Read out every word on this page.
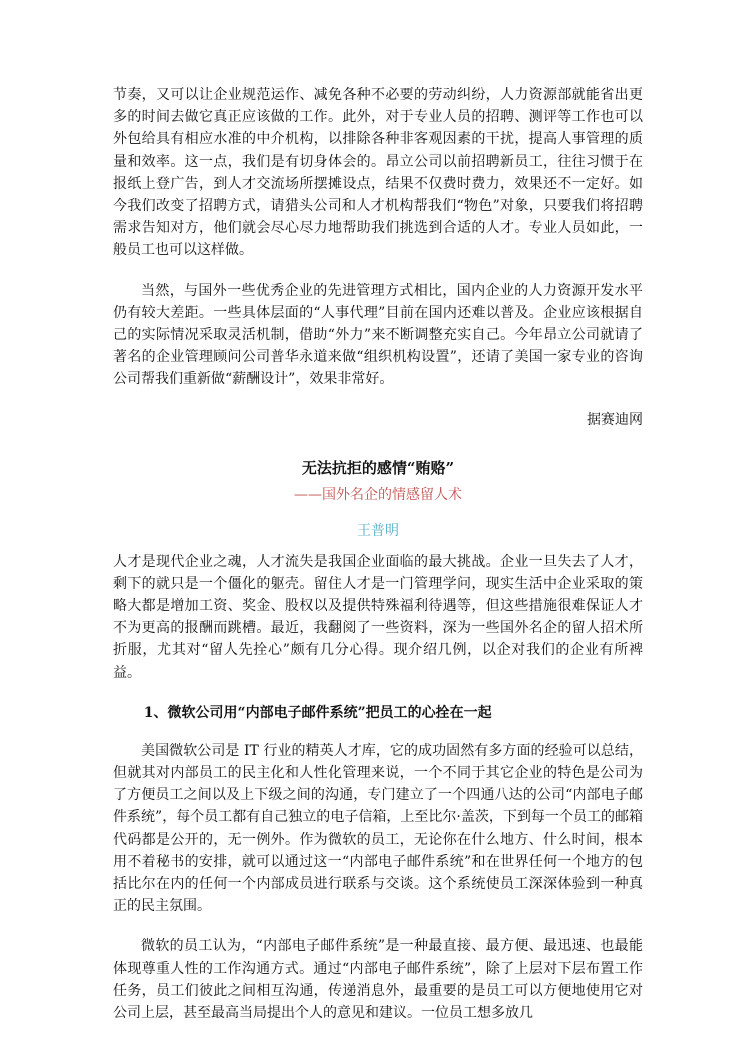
节奏，又可以让企业规范运作、减免各种不必要的劳动纠纷，人力资源部就能省出更多的时间去做它真正应该做的工作。此外，对于专业人员的招聘、测评等工作也可以外包给具有相应水准的中介机构，以排除各种非客观因素的干扰，提高人事管理的质量和效率。这一点，我们是有切身体会的。昂立公司以前招聘新员工，往往习惯于在报纸上登广告，到人才交流场所摆摊设点，结果不仅费时费力，效果还不一定好。如今我们改变了招聘方式，请猎头公司和人才机构帮我们“物色”对象，只要我们将招聘需求告知对方，他们就会尽心尽力地帮助我们挑选到合适的人才。专业人员如此，一般员工也可以这样做。

当然，与国外一些优秀企业的先进管理方式相比，国内企业的人力资源开发水平仍有较大差距。一些具体层面的“人事代理”目前在国内还难以普及。企业应该根据自己的实际情况采取灵活机制，借助“外力”来不断调整充实自己。今年昂立公司就请了著名的企业管理顾问公司普华永道来做“组织机构设置”，还请了美国一家专业的咨询公司帮我们重新做“薪酬设计”，效果非常好。

据赛迪网
无法抗拒的感情“贿赂”
——国外名企的情感留人术
王普明

人才是现代企业之魂，人才流失是我国企业面临的最大挑战。企业一旦失去了人才，剩下的就只是一个僵化的躯壳。留住人才是一门管理学问，现实生活中企业采取的策略大都是增加工资、奖金、股权以及提供特殊福利待遇等，但这些措施很难保证人才不为更高的报酬而跳槽。最近，我翻阅了一些资料，深为一些国外名企的留人招术所折服，尤其对“留人先拴心”颇有几分心得。现介绍几例，以企对我们的企业有所裨益。

1、微软公司用“内部电子邮件系统”把员工的心拴在一起

美国微软公司是 IT 行业的精英人才库，它的成功固然有多方面的经验可以总结，但就其对内部员工的民主化和人性化管理来说，一个不同于其它企业的特色是公司为了方便员工之间以及上下级之间的沟通，专门建立了一个四通八达的公司“内部电子邮件系统”，每个员工都有自己独立的电子信箱，上至比尔·盖茨，下到每一个员工的邮箱代码都是公开的，无一例外。作为微软的员工，无论你在什么地方、什么时间，根本用不着秘书的安排，就可以通过这一“内部电子邮件系统”和在世界任何一个地方的包括比尔在内的任何一个内部成员进行联系与交谈。这个系统使员工深深体验到一种真正的民主氛围。

微软的员工认为，“内部电子邮件系统”是一种最直接、最方便、最迅速、也最能体现尊重人性的工作沟通方式。通过“内部电子邮件系统”，除了上层对下层布置工作任务，员工们彼此之间相互沟通，传递消息外，最重要的是员工可以方便地使用它对公司上层，甚至最高当局提出个人的意见和建议。一位员工想多放几
